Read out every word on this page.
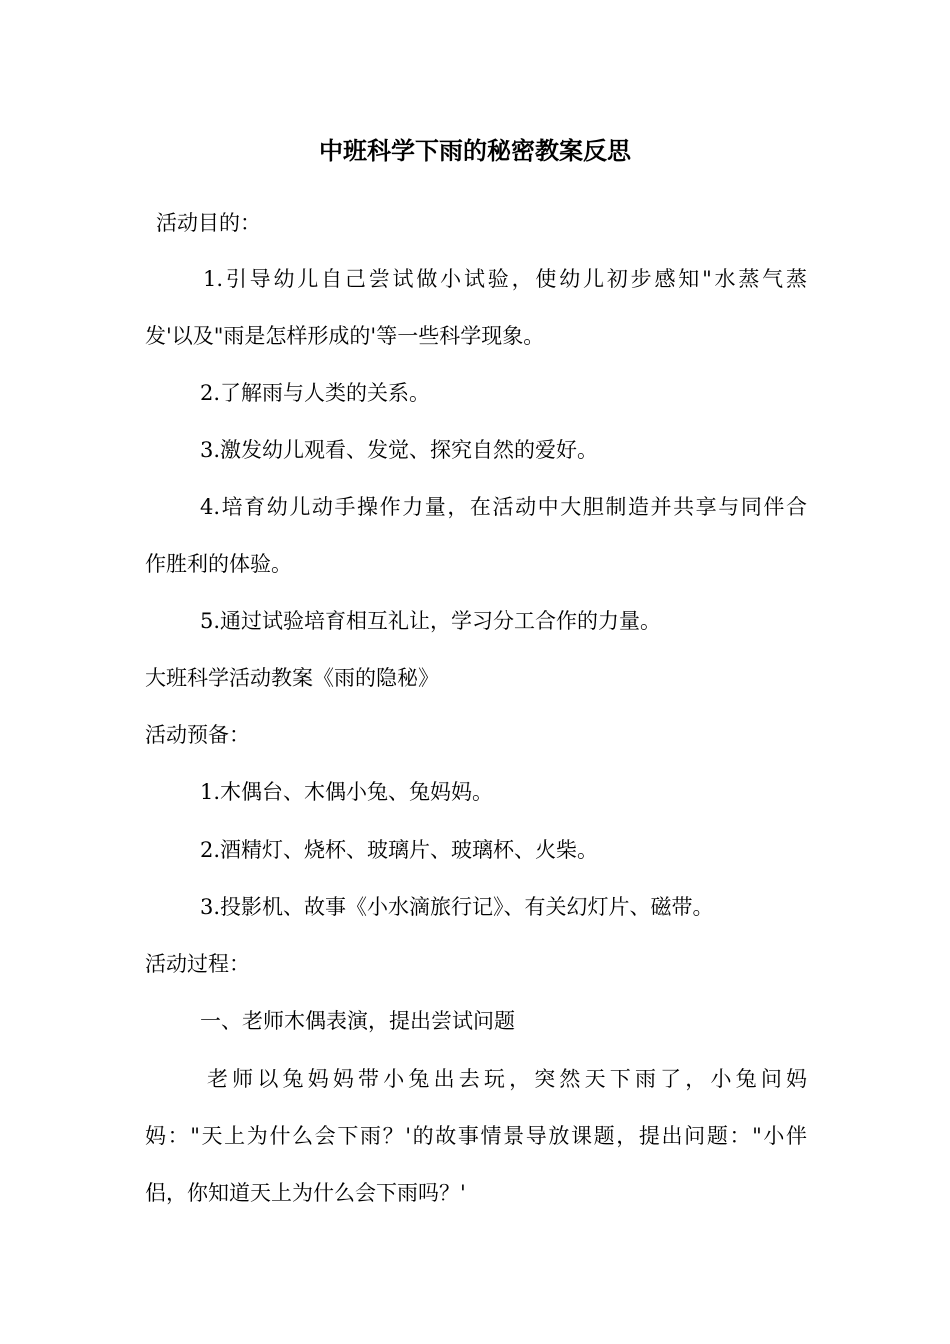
中班科学下雨的秘密教案反思

活动目的：

1.引导幼儿自己尝试做小试验，使幼儿初步感知"水蒸气蒸

发'以及"雨是怎样形成的'等一些科学现象。

2.了解雨与人类的关系。

3.激发幼儿观看、发觉、探究自然的爱好。

4.培育幼儿动手操作力量，在活动中大胆制造并共享与同伴合

作胜利的体验。

5.通过试验培育相互礼让，学习分工合作的力量。

大班科学活动教案《雨的隐秘》

活动预备：

1.木偶台、木偶小兔、兔妈妈。

2.酒精灯、烧杯、玻璃片、玻璃杯、火柴。

3.投影机、故事《小水滴旅行记》、有关幻灯片、磁带。

活动过程：

一、老师木偶表演，提出尝试问题

老师以兔妈妈带小兔出去玩，突然天下雨了，小兔问妈

妈："天上为什么会下雨？'的故事情景导放课题，提出问题："小伴

侣，你知道天上为什么会下雨吗？'
